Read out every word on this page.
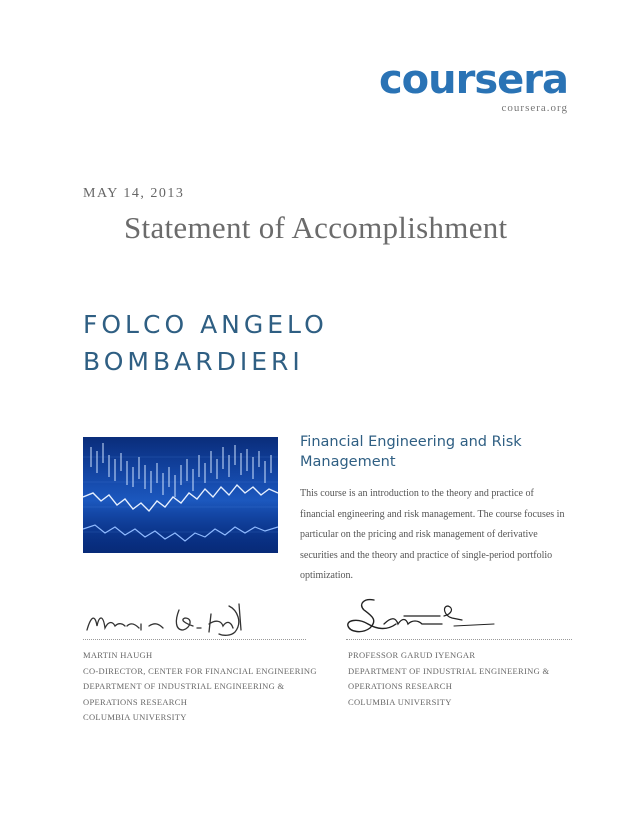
coursera
coursera.org

MAY 14, 2013

Statement of Accomplishment
FOLCO ANGELO
BOMBARDIERI
Financial Engineering and Risk Management

This course is an introduction to the theory and practice of financial engineering and risk management. The course focuses in particular on the pricing and risk management of derivative securities and the theory and practice of single-period portfolio optimization.

MARTIN HAUGH
CO-DIRECTOR, CENTER FOR FINANCIAL ENGINEERING
DEPARTMENT OF INDUSTRIAL ENGINEERING &
OPERATIONS RESEARCH
COLUMBIA UNIVERSITY
PROFESSOR GARUD IYENGAR
DEPARTMENT OF INDUSTRIAL ENGINEERING &
OPERATIONS RESEARCH
COLUMBIA UNIVERSITY
